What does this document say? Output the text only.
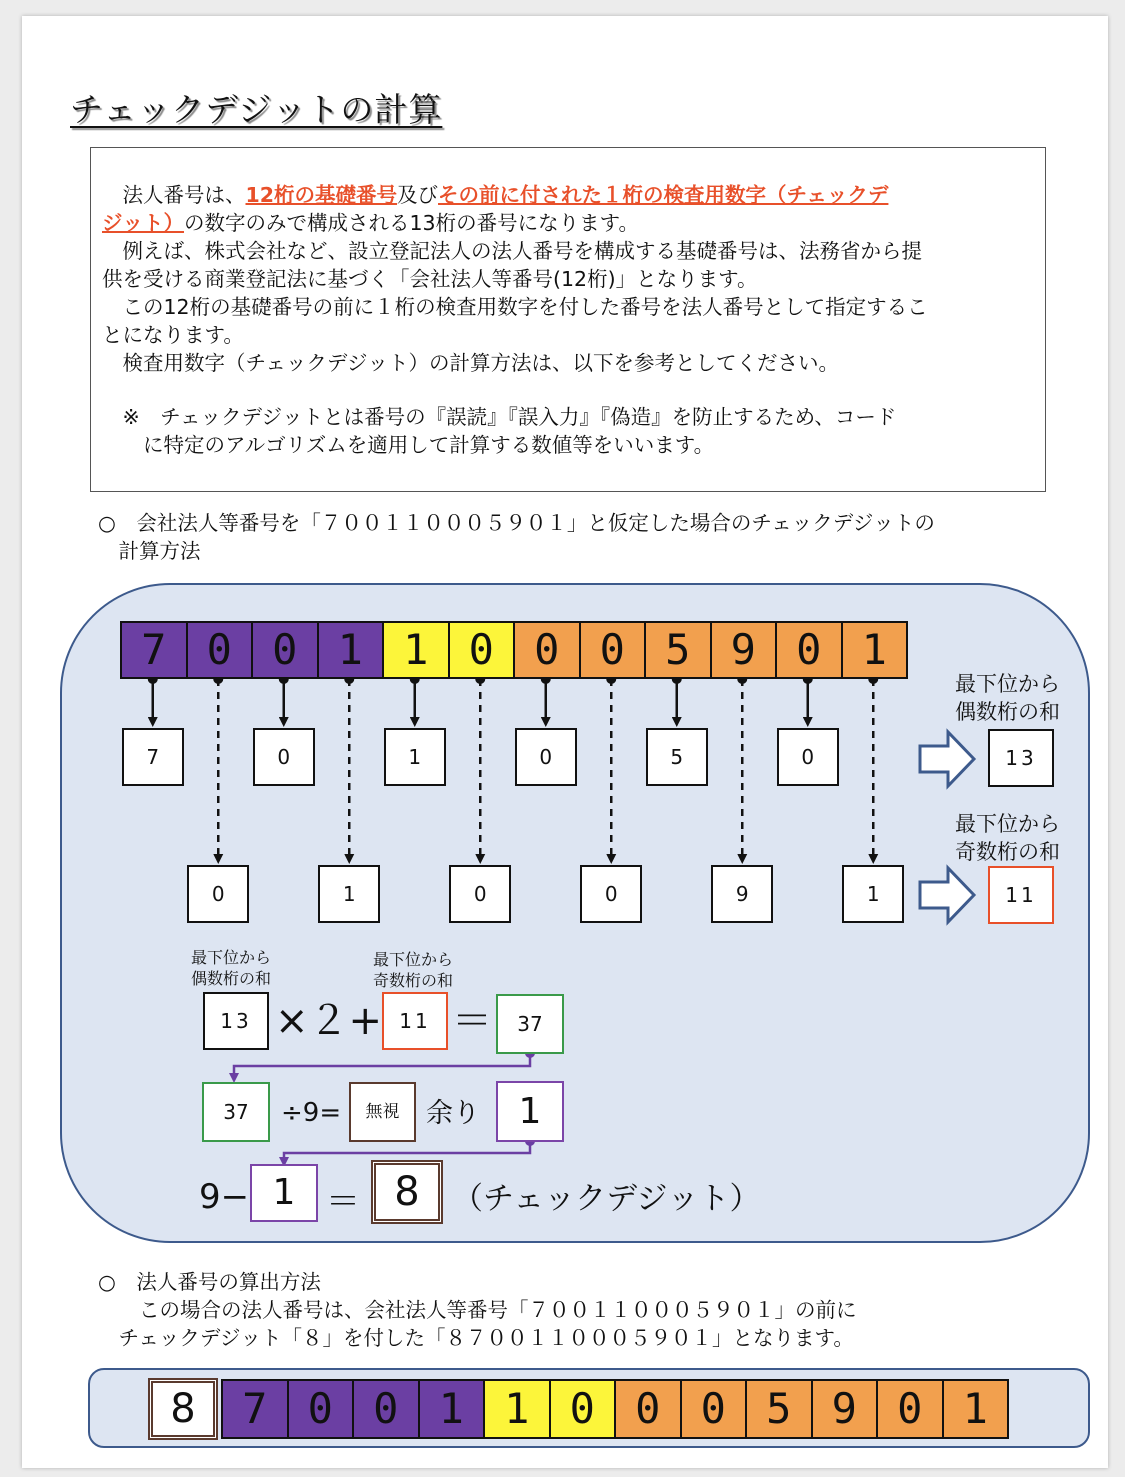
チェックデジットの計算
　法人番号は、12桁の基礎番号及びその前に付された１桁の検査用数字（チェックデ
ジット）の数字のみで構成される13桁の番号になります。
　例えば、株式会社など、設立登記法人の法人番号を構成する基礎番号は、法務省から提
供を受ける商業登記法に基づく「会社法人等番号(12桁)」となります。
　この12桁の基礎番号の前に１桁の検査用数字を付した番号を法人番号として指定するこ
とになります。
　検査用数字（チェックデジット）の計算方法は、以下を参考としてください。
　※　チェックデジットとは番号の『誤読』『誤入力』『偽造』を防止するため、コード
　　に特定のアルゴリズムを適用して計算する数値等をいいます。
○　会社法人等番号を「７００１１０００５９０１」と仮定した場合のチェックデジットの
　計算方法
7 0 0 1 1 0 0 0 5 9 0 1
7	0	1	0	5	0
0	1	0	0	9	1
最下位から
偶数桁の和
13
最下位から
奇数桁の和
11
最下位から
偶数桁の和
最下位から
奇数桁の和
13 ×２+ 11 ＝	37
37	÷9=	無視 余り	1
9− 1 ＝ 8	（チェックデジット）
○　法人番号の算出方法
　　この場合の法人番号は、会社法人等番号「７００１１０００５９０１」の前に
　チェックデジット「８」を付した「８７００１１０００５９０１」となります。
8	7 0 0 1 1 0 0 0 5 9 0 1
